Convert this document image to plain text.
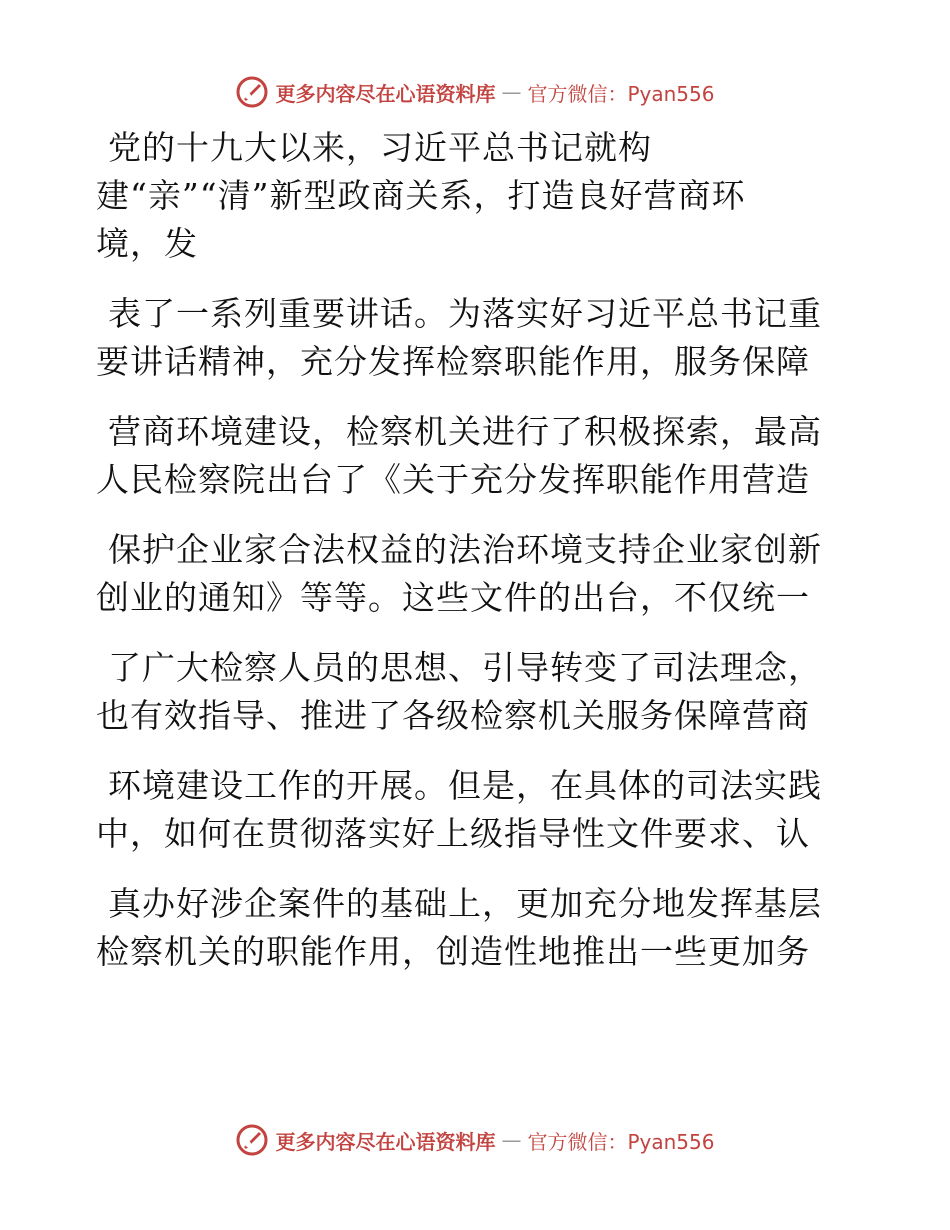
更多内容尽在心语资料库 — 官方微信：Pyan556
党的十九大以来，习近平总书记就构
建“亲”“清”新型政商关系，打造良好营商环
境，发
表了一系列重要讲话。为落实好习近平总书记重
要讲话精神，充分发挥检察职能作用，服务保障
营商环境建设，检察机关进行了积极探索，最高
人民检察院出台了《关于充分发挥职能作用营造
保护企业家合法权益的法治环境支持企业家创新
创业的通知》等等。这些文件的出台，不仅统一
了广大检察人员的思想、引导转变了司法理念，
也有效指导、推进了各级检察机关服务保障营商
环境建设工作的开展。但是，在具体的司法实践
中，如何在贯彻落实好上级指导性文件要求、认
真办好涉企案件的基础上，更加充分地发挥基层
检察机关的职能作用，创造性地推出一些更加务
更多内容尽在心语资料库 — 官方微信：Pyan556
